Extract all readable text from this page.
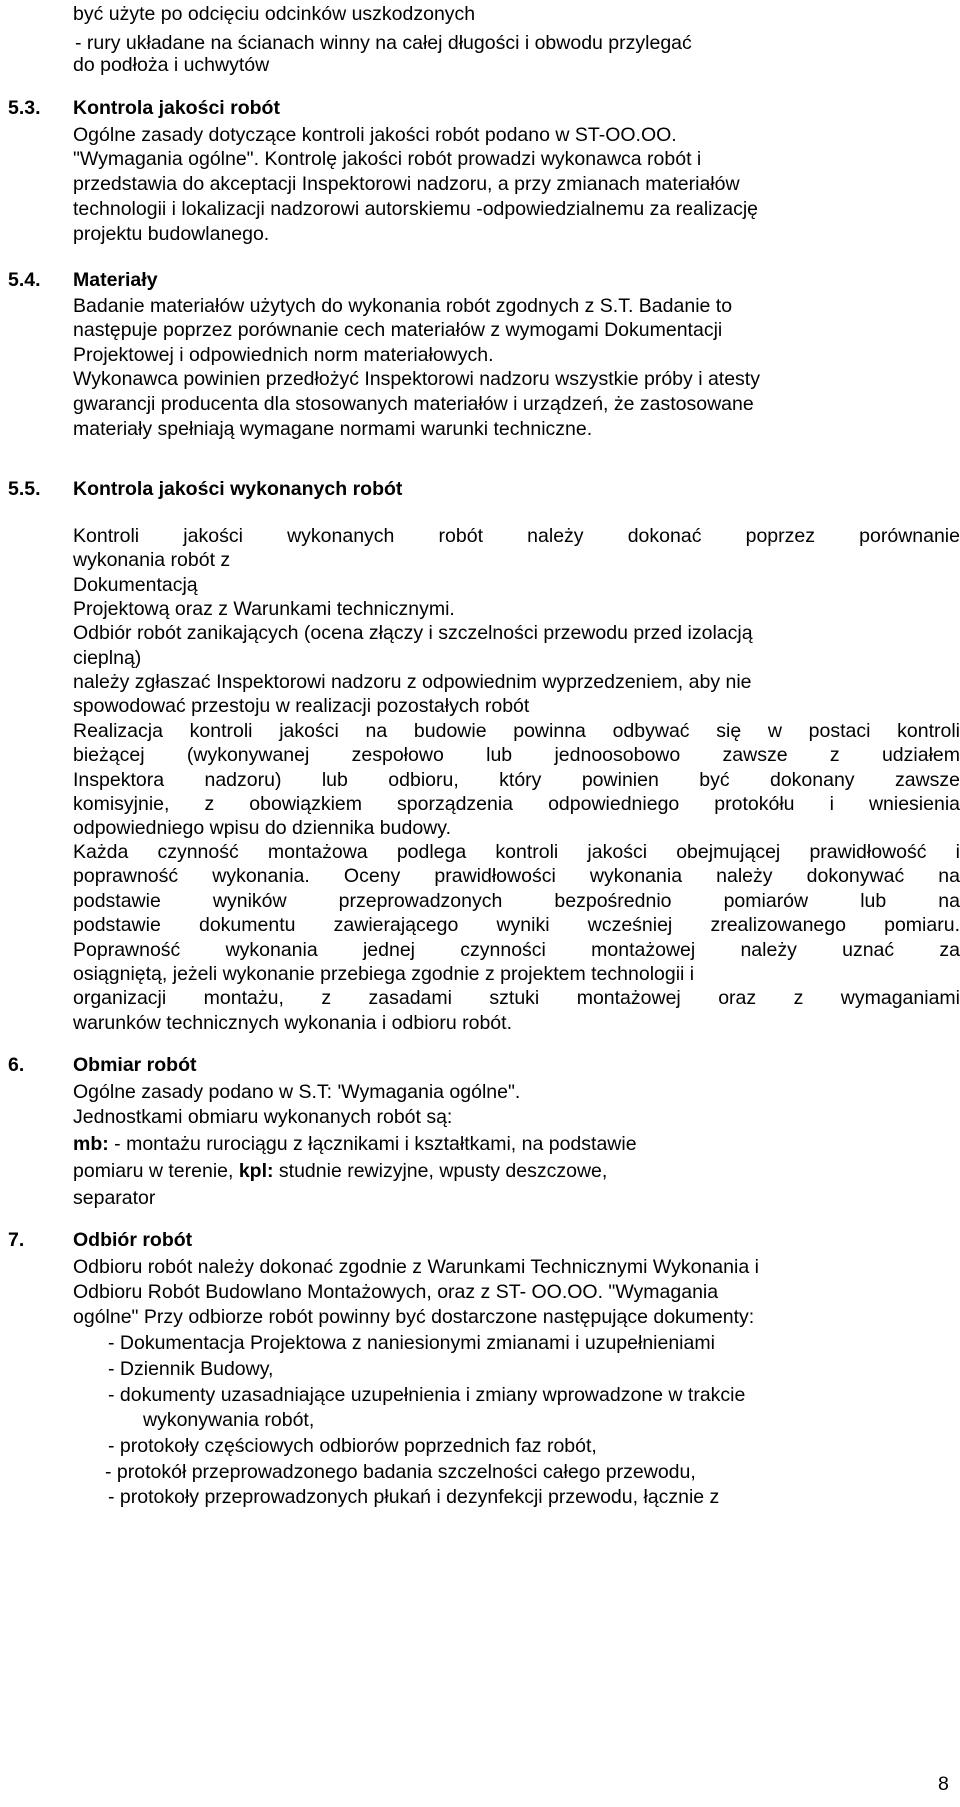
być użyte po odcięciu odcinków uszkodzonych
- rury układane na ścianach winny na całej długości i obwodu przylegać
do podłoża i uchwytów
5.3. Kontrola jakości robót
Ogólne zasady dotyczące kontroli jakości robót podano w ST-OO.OO.
"Wymagania ogólne". Kontrolę jakości robót prowadzi wykonawca robót i
przedstawia do akceptacji Inspektorowi nadzoru, a przy zmianach materiałów
technologii i lokalizacji nadzorowi autorskiemu -odpowiedzialnemu za realizację
projektu budowlanego.
5.4. Materiały
Badanie materiałów użytych do wykonania robót zgodnych z S.T. Badanie to
następuje poprzez porównanie cech materiałów z wymogami Dokumentacji
Projektowej i odpowiednich norm materiałowych.
Wykonawca powinien przedłożyć Inspektorowi nadzoru wszystkie próby i atesty
gwarancji producenta dla stosowanych materiałów i urządzeń, że zastosowane
materiały spełniają wymagane normami warunki techniczne.
5.5. Kontrola jakości wykonanych robót
Kontroli jakości wykonanych robót należy dokonać poprzez porównanie
wykonania robót z
Dokumentacją
Projektową oraz z Warunkami technicznymi.
Odbiór robót zanikających (ocena złączy i szczelności przewodu przed izolacją
cieplną)
należy zgłaszać Inspektorowi nadzoru z odpowiednim wyprzedzeniem, aby nie
spowodować przestoju w realizacji pozostałych robót
Realizacja kontroli jakości na budowie powinna odbywać się w postaci kontroli
bieżącej (wykonywanej zespołowo lub jednoosobowo zawsze z udziałem
Inspektora nadzoru) lub odbioru, który powinien być dokonany zawsze
komisyjnie, z obowiązkiem sporządzenia odpowiedniego protokółu i wniesienia
odpowiedniego wpisu do dziennika budowy.
Każda czynność montażowa podlega kontroli jakości obejmującej prawidłowość i
poprawność wykonania. Oceny prawidłowości wykonania należy dokonywać na
podstawie wyników przeprowadzonych bezpośrednio pomiarów lub na
podstawie dokumentu zawierającego wyniki wcześniej zrealizowanego pomiaru.
Poprawność wykonania jednej czynności montażowej należy uznać za
osiągniętą, jeżeli wykonanie przebiega zgodnie z projektem technologii i
organizacji montażu, z zasadami sztuki montażowej oraz z wymaganiami
warunków technicznych wykonania i odbioru robót.
6. Obmiar robót
Ogólne zasady podano w S.T: 'Wymagania ogólne".
Jednostkami obmiaru wykonanych robót są:
mb: - montażu rurociągu z łącznikami i kształtkami, na podstawie
pomiaru w terenie, kpl: studnie rewizyjne, wpusty deszczowe,
separator
7. Odbiór robót
Odbioru robót należy dokonać zgodnie z Warunkami Technicznymi Wykonania i
Odbioru Robót Budowlano Montażowych, oraz z ST- OO.OO. "Wymagania
ogólne" Przy odbiorze robót powinny być dostarczone następujące dokumenty:
- Dokumentacja Projektowa z naniesionymi zmianami i uzupełnieniami
- Dziennik Budowy,
- dokumenty uzasadniające uzupełnienia i zmiany wprowadzone w trakcie
wykonywania robót,
- protokoły częściowych odbiorów poprzednich faz robót,
- protokół przeprowadzonego badania szczelności całego przewodu,
- protokoły przeprowadzonych płukań i dezynfekcji przewodu, łącznie z
8
